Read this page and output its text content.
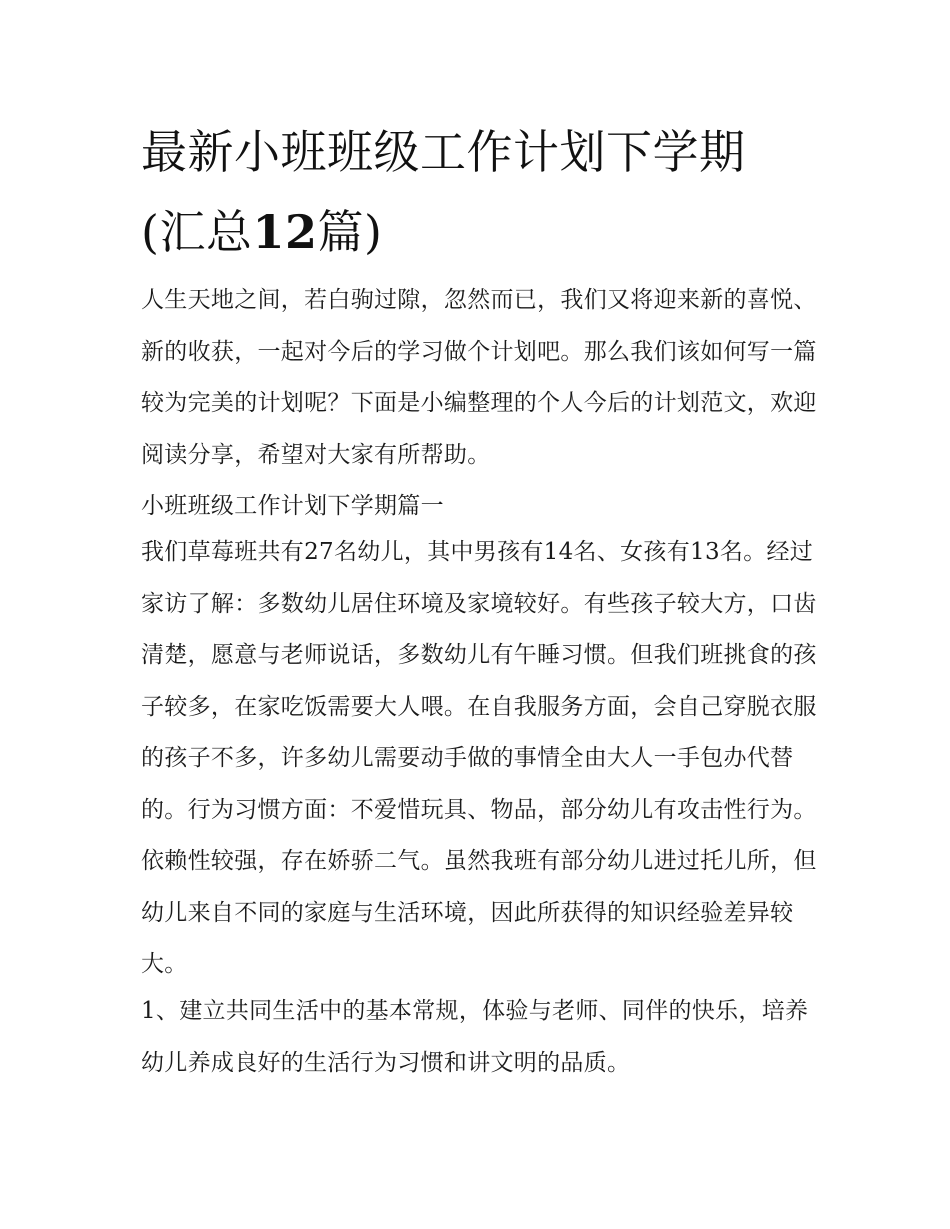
最新小班班级工作计划下学期
(汇总12篇)

人生天地之间，若白驹过隙，忽然而已，我们又将迎来新的喜悦、新的收获，一起对今后的学习做个计划吧。那么我们该如何写一篇较为完美的计划呢？下面是小编整理的个人今后的计划范文，欢迎阅读分享，希望对大家有所帮助。

小班班级工作计划下学期篇一

我们草莓班共有27名幼儿，其中男孩有14名、女孩有13名。经过家访了解：多数幼儿居住环境及家境较好。有些孩子较大方，口齿清楚，愿意与老师说话，多数幼儿有午睡习惯。但我们班挑食的孩子较多，在家吃饭需要大人喂。在自我服务方面，会自己穿脱衣服的孩子不多，许多幼儿需要动手做的事情全由大人一手包办代替的。行为习惯方面：不爱惜玩具、物品，部分幼儿有攻击性行为。依赖性较强，存在娇骄二气。虽然我班有部分幼儿进过托儿所，但幼儿来自不同的家庭与生活环境，因此所获得的知识经验差异较大。

1、建立共同生活中的基本常规，体验与老师、同伴的快乐，培养幼儿养成良好的生活行为习惯和讲文明的品质。
